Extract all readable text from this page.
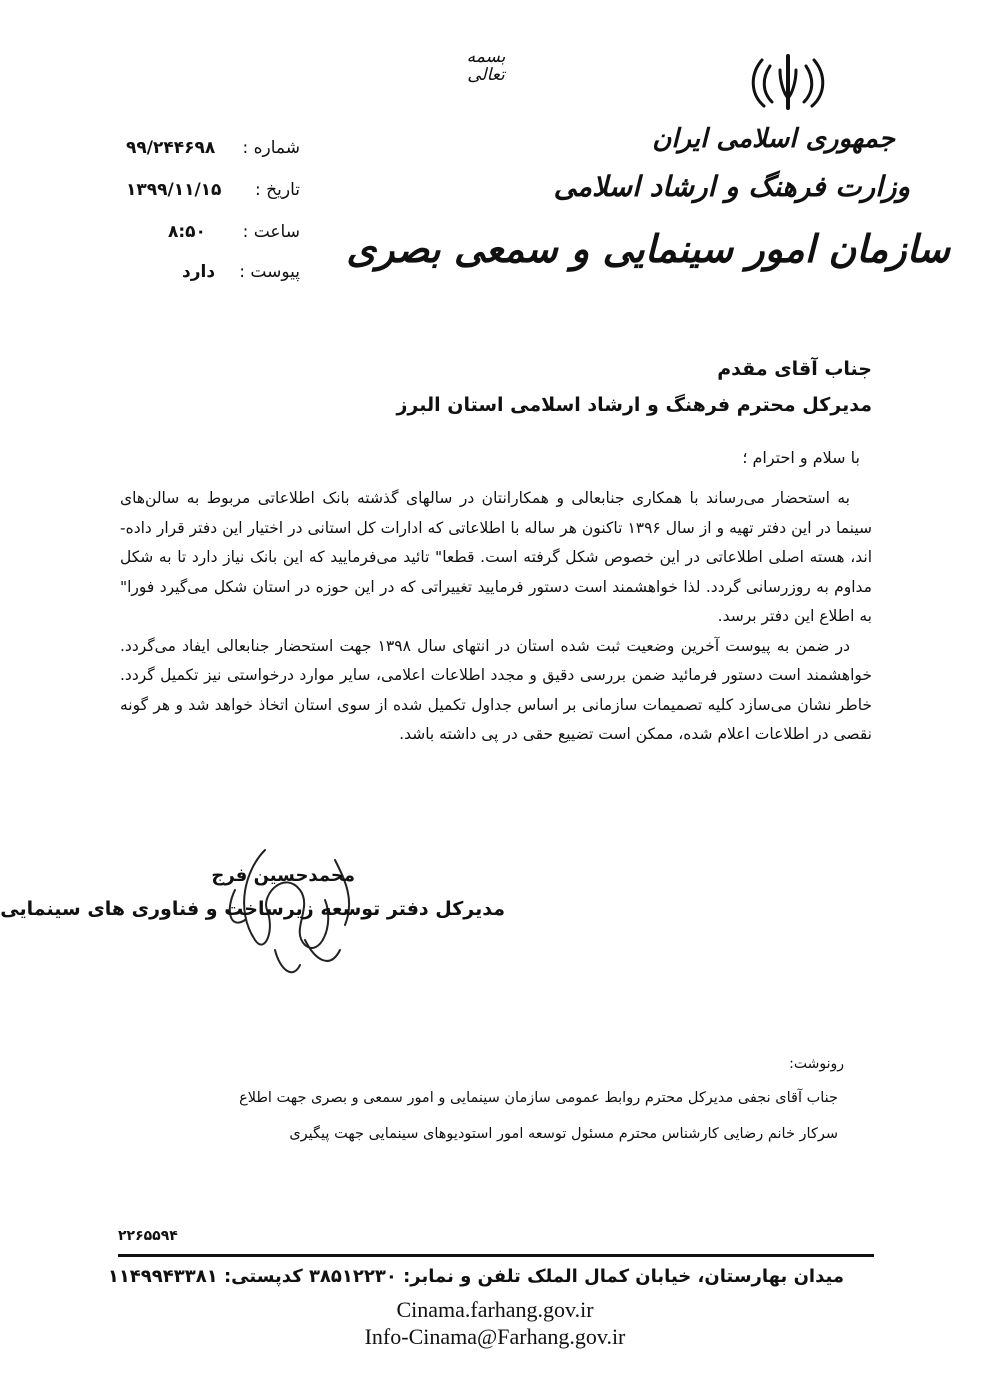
بسمه تعالی
جمهوری اسلامی ایران
وزارت فرهنگ و ارشاد اسلامی
سازمان امور سینمایی و سمعی بصری
شماره :
۹۹/۲۴۴۶۹۸
تاریخ :
۱۳۹۹/۱۱/۱۵
ساعت :
۸:۵۰
پیوست :
دارد
جناب آقای مقدم
مدیرکل محترم فرهنگ و ارشاد اسلامی استان البرز
با سلام و احترام ؛

به استحضار می‌رساند با همکاری جنابعالی و همکارانتان در سالهای گذشته بانک اطلاعاتی مربوط به سالن‌های سینما در این دفتر تهیه و از سال ۱۳۹۶ تاکنون هر ساله با اطلاعاتی که ادارات کل استانی در اختیار این دفتر قرار داده-اند، هسته اصلی اطلاعاتی در این خصوص شکل گرفته است. قطعا" تائید می‌فرمایید که این بانک نیاز دارد تا به شکل مداوم به روزرسانی گردد. لذا خواهشمند است دستور فرمایید تغییراتی که در این حوزه در استان شکل می‌گیرد فورا" به اطلاع این دفتر برسد.

در ضمن به پیوست آخرین وضعیت ثبت شده استان در انتهای سال ۱۳۹۸ جهت استحضار جنابعالی ایفاد می‌گردد. خواهشمند است دستور فرمائید ضمن بررسی دقیق و مجدد اطلاعات اعلامی، سایر موارد درخواستی نیز تکمیل گردد. خاطر نشان می‌سازد کلیه تصمیمات سازمانی بر اساس جداول تکمیل شده از سوی استان اتخاذ خواهد شد و هر گونه نقصی در اطلاعات اعلام شده، ممکن است تضییع حقی در پی داشته باشد.

محمدحسین فرج
مدیرکل دفتر توسعه زیرساخت و فناوری های سینمایی
رونوشت:
جناب آقای نجفی مدیرکل محترم روابط عمومی سازمان سینمایی و امور سمعی و بصری جهت اطلاع
سرکار خانم رضایی کارشناس محترم مسئول توسعه امور استودیوهای سینمایی جهت پیگیری
۲۲۶۵۵۹۴
میدان بهارستان، خیابان کمال الملک تلفن و نمابر: ۳۸۵۱۲۲۳۰ کدپستی: ۱۱۴۹۹۴۳۳۸۱
Cinama.farhang.gov.ir
Info-Cinama@Farhang.gov.ir
